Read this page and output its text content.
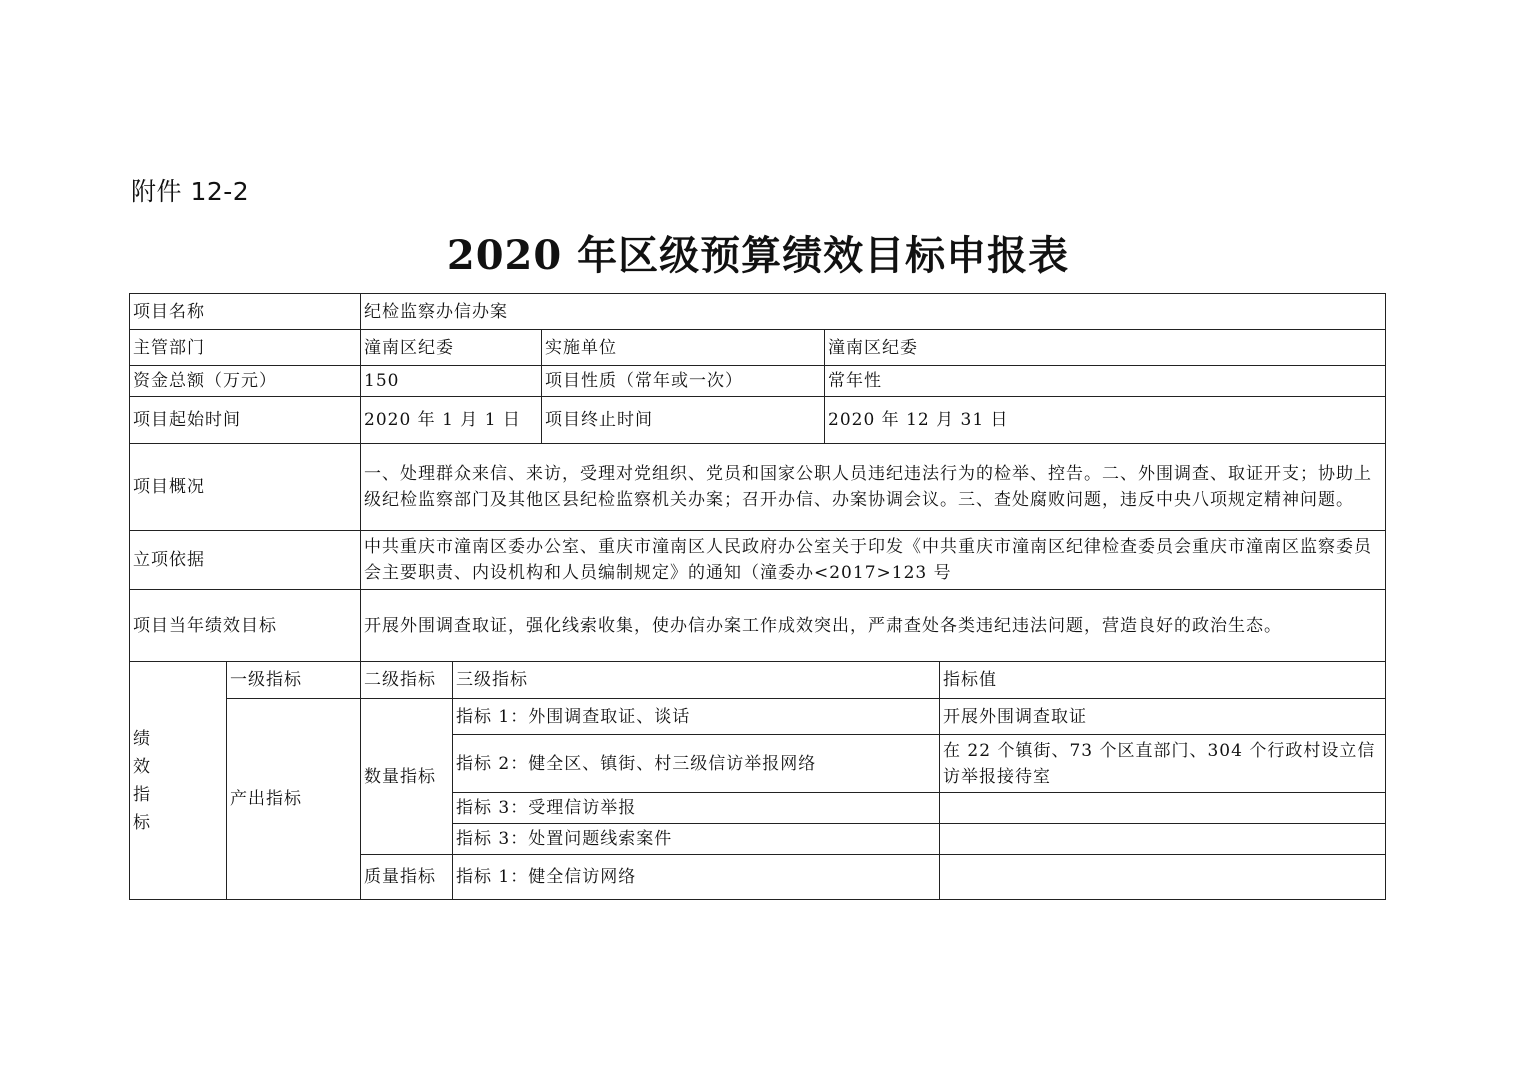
附件 12-2
2020 年区级预算绩效目标申报表
项目名称		纪检监察办信办案				
主管部门		潼南区纪委		实施单位	潼南区纪委	
资金总额（万元）		150		项目性质（常年或一次）	常年性	
项目起始时间		2020 年 1 月 1 日		项目终止时间	2020 年 12 月 31 日	
项目概况		一、处理群众来信、来访，受理对党组织、党员和国家公职人员违纪违法行为的检举、控告。二、外围调查、取证开支；协助上级纪检监察部门及其他区县纪检监察机关办案；召开办信、办案协调会议。三、查处腐败问题，违反中央八项规定精神问题。				
立项依据		中共重庆市潼南区委办公室、重庆市潼南区人民政府办公室关于印发《中共重庆市潼南区纪律检查委员会重庆市潼南区监察委员会主要职责、内设机构和人员编制规定》的通知（潼委办<2017>123 号				
项目当年绩效目标		开展外围调查取证，强化线索收集，使办信办案工作成效突出，严肃查处各类违纪违法问题，营造良好的政治生态。				
绩
效
指
标	一级指标	二级指标	三级指标			指标值
	产出指标	数量指标	指标 1：外围调查取证、谈话			开展外围调查取证
			指标 2：健全区、镇街、村三级信访举报网络			在 22 个镇街、73 个区直部门、304 个行政村设立信访举报接待室
			指标 3：受理信访举报			
			指标 3：处置问题线索案件			
		质量指标	指标 1：健全信访网络			
